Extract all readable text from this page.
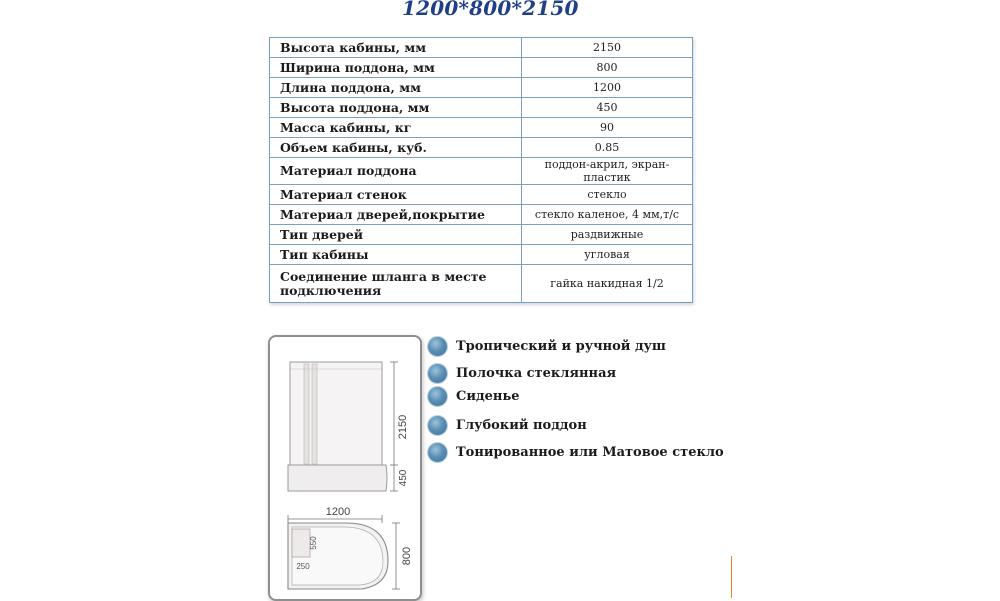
1200*800*2150
Высота кабины, мм	2150
Ширина поддона, мм	800
Длина поддона, мм	1200
Высота поддона, мм	450
Масса кабины, кг	90
Объем кабины, куб.	0.85
Материал поддона	поддон-акрил, экран-пластик
Материал стенок	стекло
Материал дверей,покрытие	стекло каленое, 4 мм,т/с
Тип дверей	раздвижные
Тип кабины	угловая
Соединение шланга в месте подключения	гайка накидная 1/2
2150
450
1200
800
550
250
Тропический и ручной душ
Полочка стеклянная
Сиденье
Глубокий поддон
Тонированное или Матовое стекло
